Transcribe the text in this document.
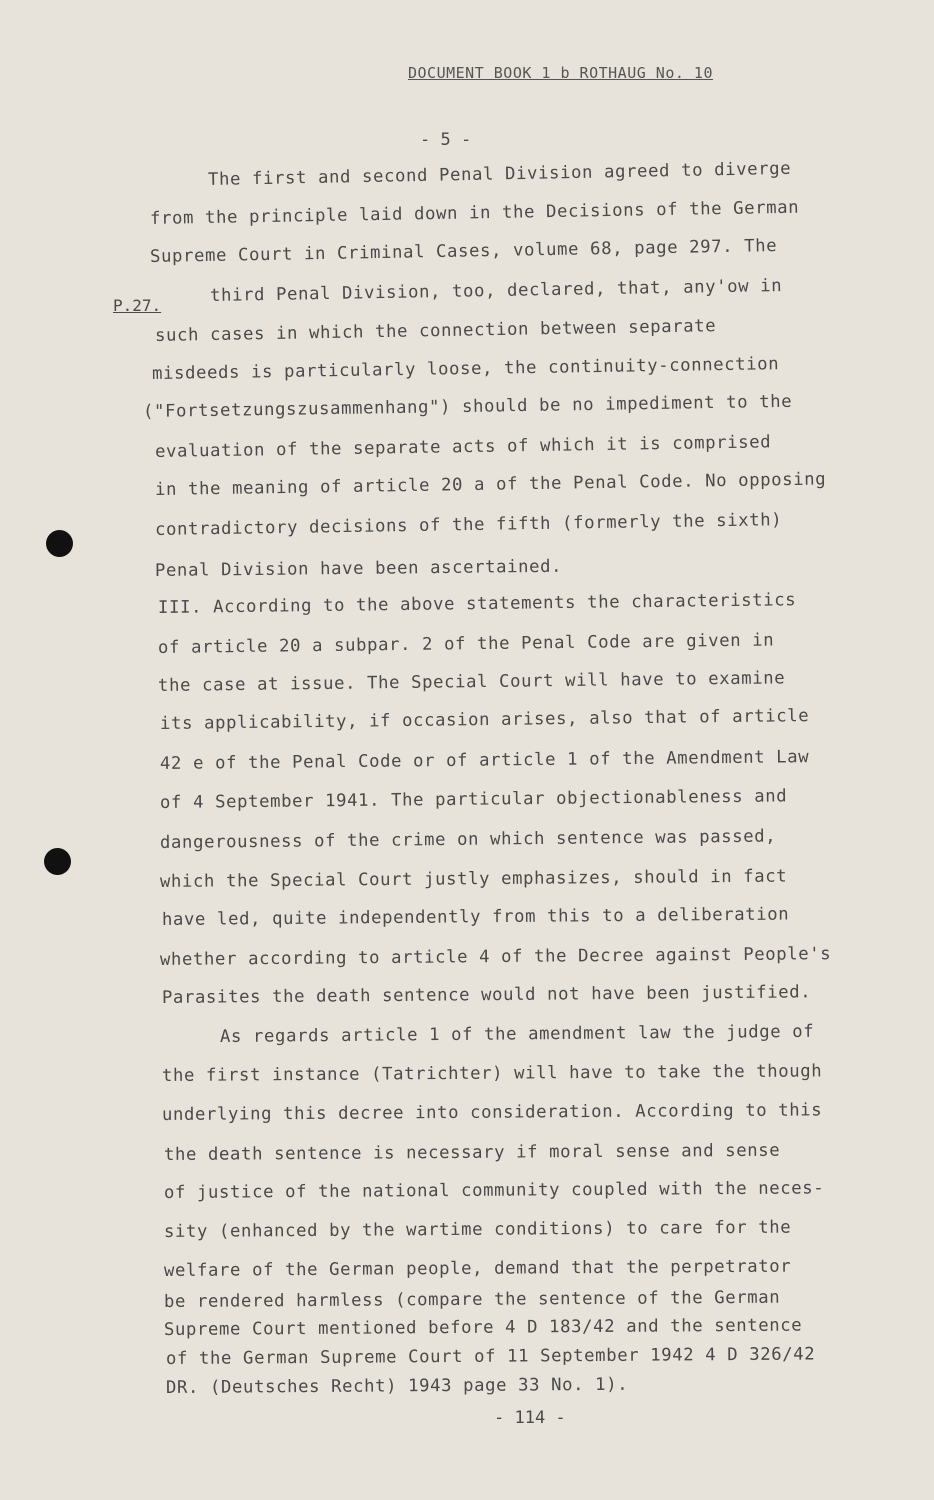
DOCUMENT BOOK 1 b ROTHAUG No. 10
- 5 -
P.27.
The first and second Penal Division agreed to diverge
from the principle laid down in the Decisions of the German
Supreme Court in Criminal Cases, volume 68, page 297. The
third Penal Division, too, declared, that, any'ow in
such cases in which the connection between separate
misdeeds is particularly loose, the continuity-connection
("Fortsetzungszusammenhang") should be no impediment to the
evaluation of the separate acts of which it is comprised
in the meaning of article 20 a of the Penal Code. No opposing
contradictory decisions of the fifth (formerly the sixth)
Penal Division have been ascertained.
III. According to the above statements the characteristics
of article 20 a subpar. 2 of the Penal Code are given in
the case at issue. The Special Court will have to examine
its applicability, if occasion arises, also that of article
42 e of the Penal Code or of article 1 of the Amendment Law
of 4 September 1941. The particular objectionableness and
dangerousness of the crime on which sentence was passed,
which the Special Court justly emphasizes, should in fact
have led, quite independently from this to a deliberation
whether according to article 4 of the Decree against People's
Parasites the death sentence would not have been justified.
As regards article 1 of the amendment law the judge of
the first instance (Tatrichter) will have to take the though
underlying this decree into consideration. According to this
the death sentence is necessary if moral sense and sense
of justice of the national community coupled with the neces-
sity (enhanced by the wartime conditions) to care for the
welfare of the German people, demand that the perpetrator
be rendered harmless (compare the sentence of the German
Supreme Court mentioned before 4 D 183/42 and the sentence
of the German Supreme Court of 11 September 1942 4 D 326/42
DR. (Deutsches Recht) 1943 page 33 No. 1).
- 114 -
